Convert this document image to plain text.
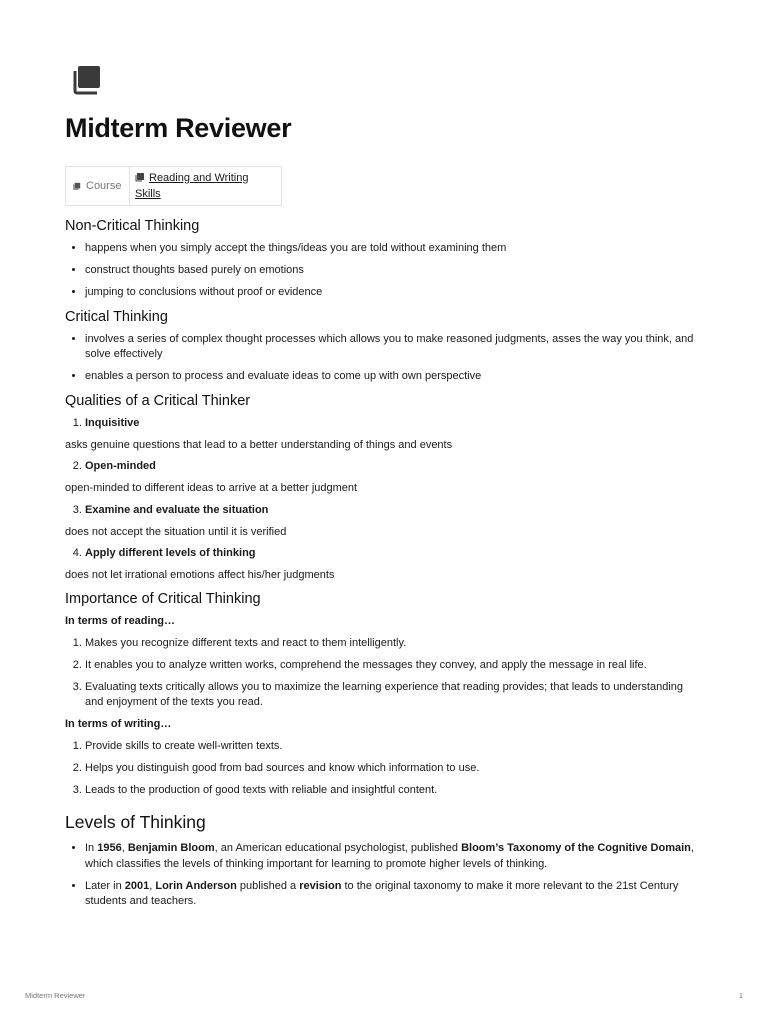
Midterm Reviewer
Course
Reading and Writing Skills
Non-Critical Thinking
• happens when you simply accept the things/ideas you are told without examining them
• construct thoughts based purely on emotions
• jumping to conclusions without proof or evidence
Critical Thinking
• involves a series of complex thought processes which allows you to make reasoned judgments, asses the way you think, and solve effectively
• enables a person to process and evaluate ideas to come up with own perspective
Qualities of a Critical Thinker
1. Inquisitive

asks genuine questions that lead to a better understanding of things and events

2. Open-minded

open-minded to different ideas to arrive at a better judgment

3. Examine and evaluate the situation

does not accept the situation until it is verified

4. Apply different levels of thinking

does not let irrational emotions affect his/her judgments

Importance of Critical Thinking

In terms of reading…

1. Makes you recognize different texts and react to them intelligently.
2. It enables you to analyze written works, comprehend the messages they convey, and apply the message in real life.
3. Evaluating texts critically allows you to maximize the learning experience that reading provides; that leads to understanding and enjoyment of the texts you read.

In terms of writing…

1. Provide skills to create well-written texts.
2. Helps you distinguish good from bad sources and know which information to use.
3. Leads to the production of good texts with reliable and insightful content.
Levels of Thinking
• In 1956, Benjamin Bloom, an American educational psychologist, published Bloom’s Taxonomy of the Cognitive Domain, which classifies the levels of thinking important for learning to promote higher levels of thinking.
• Later in 2001, Lorin Anderson published a revision to the original taxonomy to make it more relevant to the 21st Century students and teachers.
Midterm Reviewer	1
